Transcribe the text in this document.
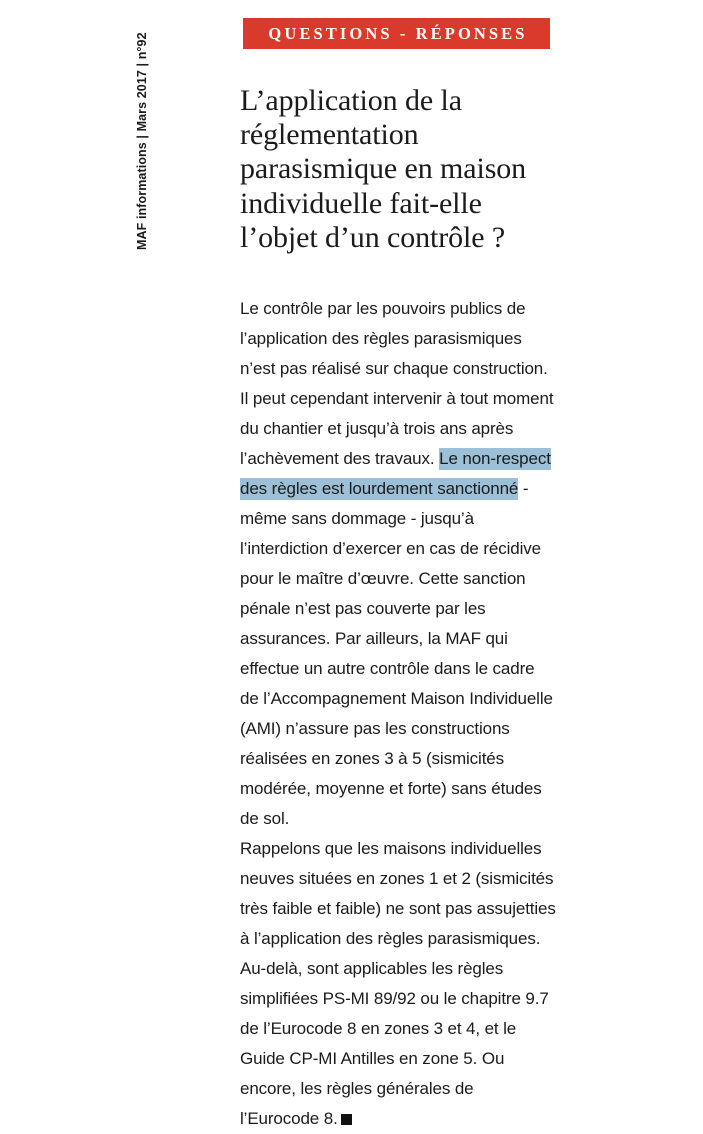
MAF informations | Mars 2017 | n°92	QUESTIONS - RÉPONSES
L’application de la réglementation parasismique en maison individuelle fait-elle l’objet d’un contrôle ?

Le contrôle par les pouvoirs publics de l’application des règles parasismiques n’est pas réalisé sur chaque construction. Il peut cependant intervenir à tout moment du chantier et jusqu’à trois ans après l’achèvement des travaux. Le non-respect des règles est lourdement sanctionné - même sans dommage - jusqu’à l’interdiction d’exercer en cas de récidive pour le maître d’œuvre. Cette sanction pénale n’est pas couverte par les assurances. Par ailleurs, la MAF qui effectue un autre contrôle dans le cadre de l’Accompagnement Maison Individuelle (AMI) n’assure pas les constructions réalisées en zones 3 à 5 (sismicités modérée, moyenne et forte) sans études de sol.

Rappelons que les maisons individuelles neuves situées en zones 1 et 2 (sismicités très faible et faible) ne sont pas assujetties à l’application des règles parasismiques. Au-delà, sont applicables les règles simplifiées PS-MI 89/92 ou le chapitre 9.7 de l’Eurocode 8 en zones 3 et 4, et le Guide CP-MI Antilles en zone 5. Ou encore, les règles générales de l’Eurocode 8.
